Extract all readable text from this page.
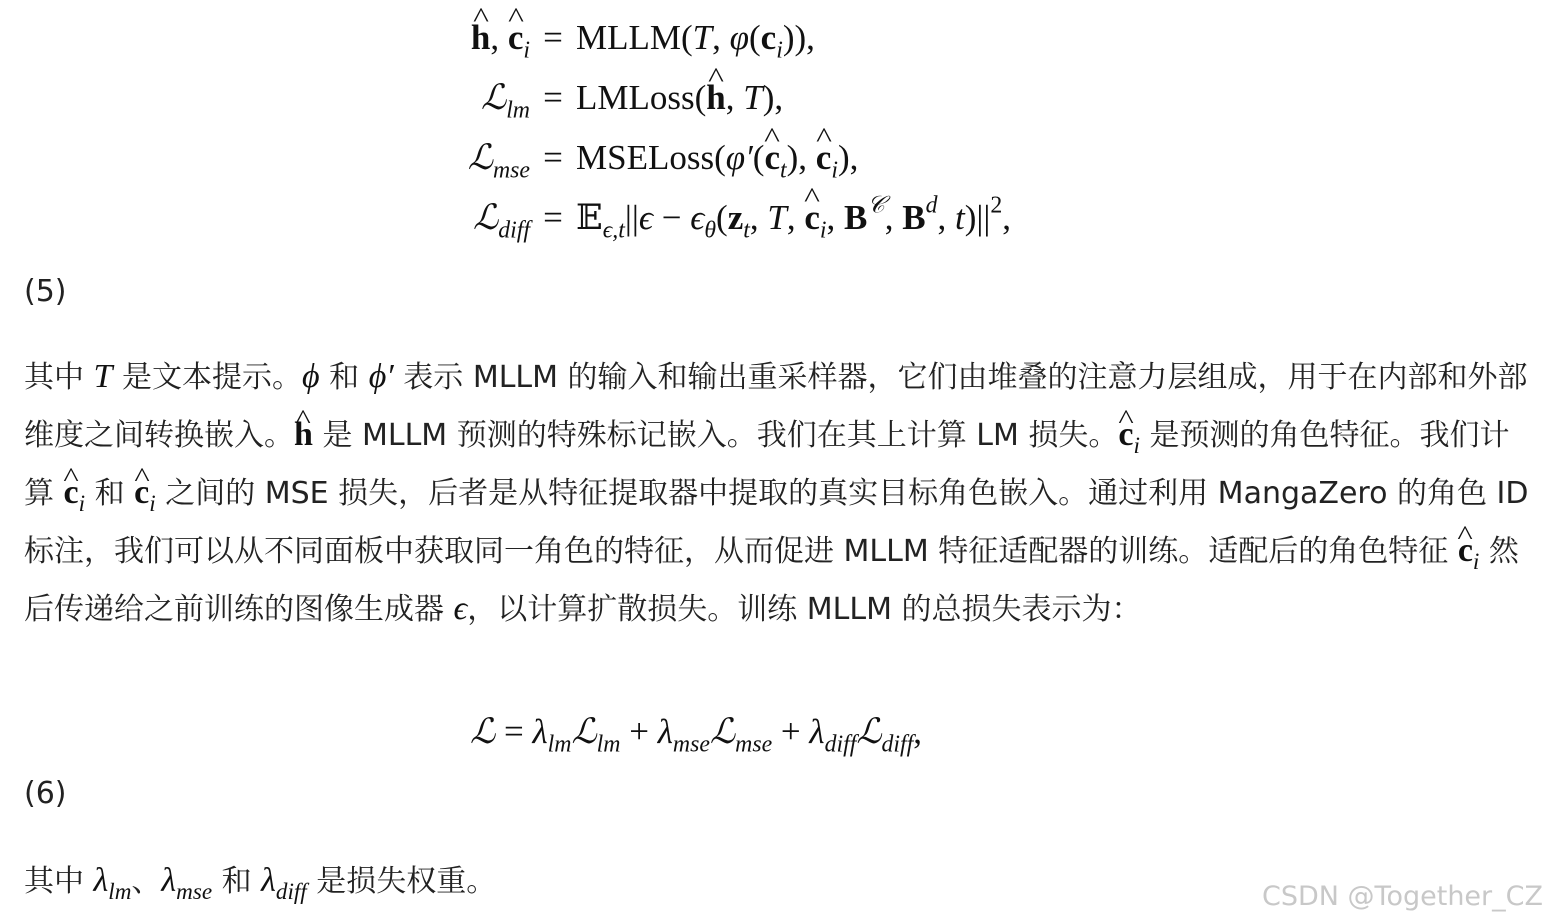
^ h, ^ $c_i$ = MLLM(T, $\varphi(c_i)$),
ℒ$_{lm}$ = LMLoss(^ h, T),
ℒ$_{mse}$ = MSELoss(φ′(^ $c_t$), ^ $c_i$),
ℒ$_{diff}$ = 𝔼$_{\epsilon,t}$||ϵ − $\epsilon_\theta(z_t$, T, ^ $c_i$, $B^𝒞$, $B^d$, $t)||^2$,
(5)
其中 T 是文本提示。ϕ 和 ϕ′ 表示 MLLM 的输入和输出重采样器，它们由堆叠的注意力层组成，用于在内部和外部维度之间转换嵌入。^ h 是 MLLM 预测的特殊标记嵌入。我们在其上计算 LM 损失。^ $c_i$ 是预测的角色特征。我们计算 ^ $c_i$ 和 ^ $c_i$ 之间的 MSE 损失，后者是从特征提取器中提取的真实目标角色嵌入。通过利用 MangaZero 的角色 ID 标注，我们可以从不同面板中获取同一角色的特征，从而促进 MLLM 特征适配器的训练。适配后的角色特征 ^ $c_i$ 然后传递给之前训练的图像生成器 ϵ，以计算扩散损失。训练 MLLM 的总损失表示为：
ℒ = $\lambda_{lm}ℒ_{lm}$ + $\lambda_{mse}ℒ_{mse}$ + $\lambda_{diff}ℒ_{diff}$,
(6)
其中 $\lambda_{lm}$、$\lambda_{mse}$ 和 $\lambda_{diff}$ 是损失权重。	CSDN @Together_CZ
